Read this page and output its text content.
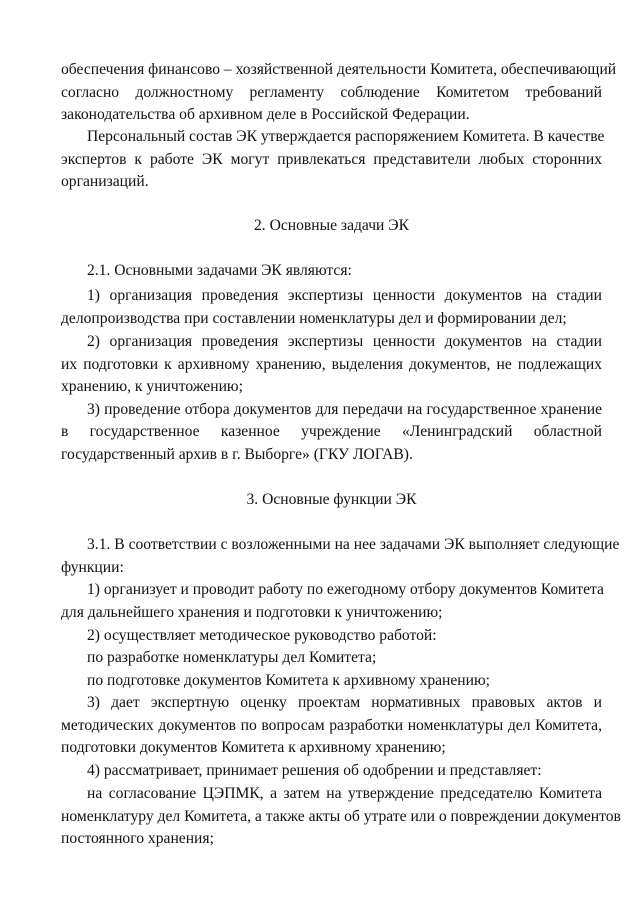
обеспечения финансово – хозяйственной деятельности Комитета, обеспечивающий
согласно должностному регламенту соблюдение Комитетом требований
законодательства об архивном деле в Российской Федерации.
Персональный состав ЭК утверждается распоряжением Комитета. В качестве
экспертов к работе ЭК могут привлекаться представители любых сторонних
организаций.
2. Основные задачи ЭК
2.1. Основными задачами ЭК являются:
1) организация проведения экспертизы ценности документов на стадии
делопроизводства при составлении номенклатуры дел и формировании дел;
2) организация проведения экспертизы ценности документов на стадии
их подготовки к архивному хранению, выделения документов, не подлежащих
хранению, к уничтожению;
3) проведение отбора документов для передачи на государственное хранение
в государственное казенное учреждение «Ленинградский областной
государственный архив в г. Выборге» (ГКУ ЛОГАВ).
3. Основные функции ЭК
3.1. В соответствии с возложенными на нее задачами ЭК выполняет следующие
функции:
1) организует и проводит работу по ежегодному отбору документов Комитета
для дальнейшего хранения и подготовки к уничтожению;
2) осуществляет методическое руководство работой:
по разработке номенклатуры дел Комитета;
по подготовке документов Комитета к архивному хранению;
3) дает экспертную оценку проектам нормативных правовых актов и
методических документов по вопросам разработки номенклатуры дел Комитета,
подготовки документов Комитета к архивному хранению;
4) рассматривает, принимает решения об одобрении и представляет:
на согласование ЦЭПМК, а затем на утверждение председателю Комитета
номенклатуру дел Комитета, а также акты об утрате или о повреждении документов
постоянного хранения;
